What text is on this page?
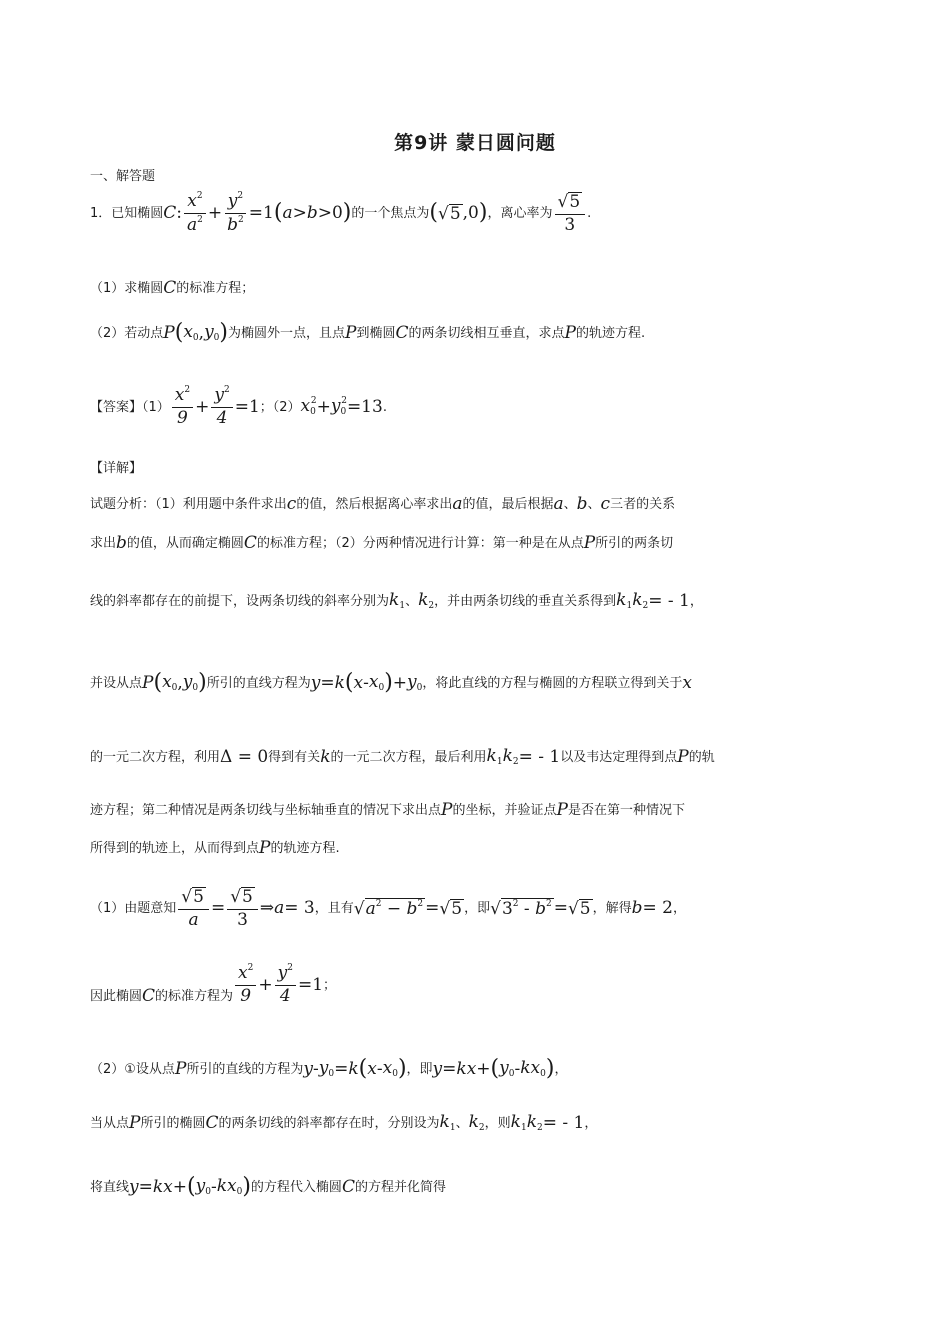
第9讲 蒙日圆问题
一、解答题
1．已知椭圆 C : $\frac{x^2}{a^2} + \frac{y^2}{b^2} =1$ ( a > b >0 ) 的一个焦点为 ( √ 5 ,0 ) ，离心率为 $\frac{√ 5}{3}$ .
（1）求椭圆 C 的标准方程；
（2）若动点 P ( $x_0$ , $y_0$ ) 为椭圆外一点，且点 P 到椭圆 C 的两条切线相互垂直，求点 P 的轨迹方程.
【答案】$(1) \frac{x^2}{9} + \frac{y^2}{4} =1$ ；（2） $x_0^2 + y_0^2 =13$ .
【详解】
试题分析：（1）利用题中条件求出 c 的值，然后根据离心率求出 a 的值，最后根据 a 、 b 、 c 三者的关系
求出 b 的值，从而确定椭圆 C 的标准方程；（2）分两种情况进行计算：第一种是在从点 P 所引的两条切
线的斜率都存在的前提下，设两条切线的斜率分别为 $k_1$ 、 $k_2$ ，并由两条切线的垂直关系得到 $k_1k_2$ = - 1 ，
并设从点 P ( $x_0$ , $y_0$ ) 所引的直线方程为 y = k ( x - $x_0$ ) + $y_0$ ，将此直线的方程与椭圆的方程联立得到关于 x
的一元二次方程，利用 Δ = 0 得到有关 k 的一元二次方程，最后利用 $k_1k_2$ = - 1 以及韦达定理得到点 P 的轨
迹方程；第二种情况是两条切线与坐标轴垂直的情况下求出点 P 的坐标，并验证点 P 是否在第一种情况下
所得到的轨迹上，从而得到点 P 的轨迹方程.
（1）由题意知 $\frac{√ 5}{a} = \frac{√ 5}{3}$ ⇒ a = 3 ，且有 √ $a^2 - b^2$ = √ 5 ，即 √ $3^2 - b^2$ = √ 5 ，解得 b = 2 ，
因此椭圆 C 的标准方程为 $\frac{x^2}{9} + \frac{y^2}{4} =1$ ；
（2）①设从点 P 所引的直线的方程为 $y - y_0 = k$ ( x - $x_0$ ) ，即 y = kx + ( $y_0 - kx_0$ ) ，
当从点 P 所引的椭圆 C 的两条切线的斜率都存在时，分别设为 $k_1$ 、 $k_2$ ，则 $k_1k_2$ = - 1 ，
将直线 y = kx + ( $y_0 - kx_0$ ) 的方程代入椭圆 C 的方程并化简得
